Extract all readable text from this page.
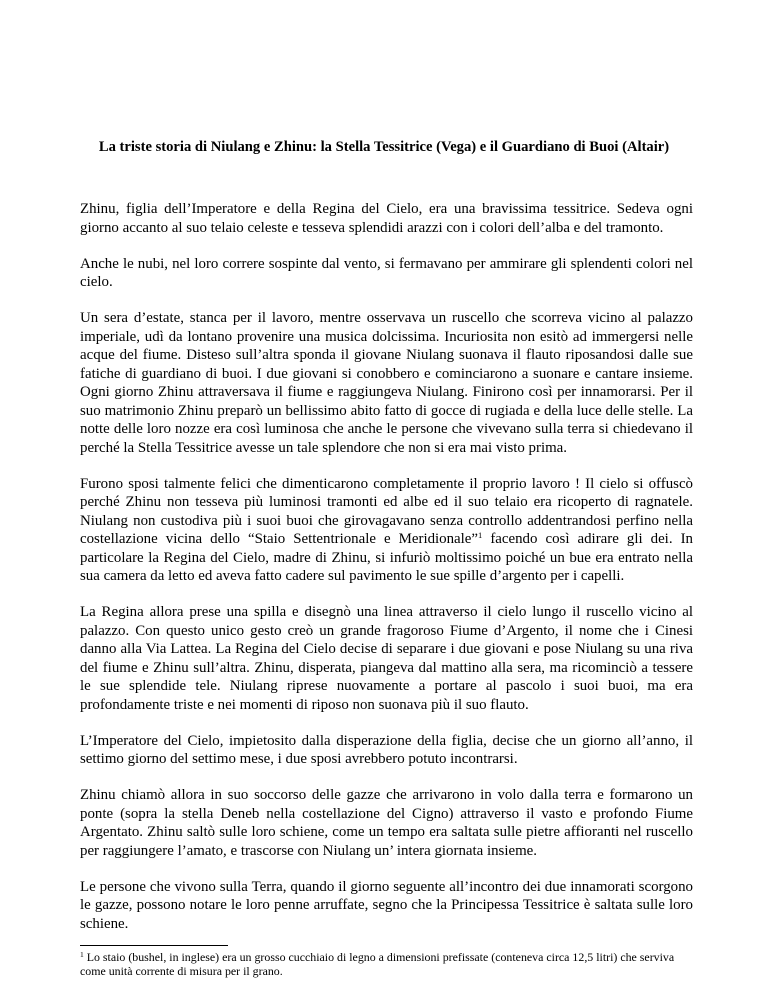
La triste storia di Niulang e Zhinu: la Stella Tessitrice (Vega) e il Guardiano di Buoi (Altair)

Zhinu, figlia dell’Imperatore e della Regina del Cielo, era una bravissima tessitrice. Sedeva ogni giorno accanto al suo telaio celeste e tesseva splendidi arazzi con i colori dell’alba e del tramonto.

Anche le nubi, nel loro correre sospinte dal vento, si fermavano per ammirare gli splendenti colori nel cielo.

Un sera d’estate, stanca per il lavoro, mentre osservava un ruscello che scorreva vicino al palazzo imperiale, udì da lontano provenire una musica dolcissima. Incuriosita non esitò ad immergersi nelle acque del fiume. Disteso sull’altra sponda il giovane Niulang suonava il flauto riposandosi dalle sue fatiche di guardiano di buoi. I due giovani si conobbero e cominciarono a suonare e cantare insieme. Ogni giorno Zhinu attraversava il fiume e raggiungeva Niulang. Finirono così per innamorarsi. Per il suo matrimonio Zhinu preparò un bellissimo abito fatto di gocce di rugiada e della luce delle stelle. La notte delle loro nozze era così luminosa che anche le persone che vivevano sulla terra si chiedevano il perché la Stella Tessitrice avesse un tale splendore che non si era mai visto prima.

Furono sposi talmente felici che dimenticarono completamente il proprio lavoro ! Il cielo si offuscò perché Zhinu non tesseva più luminosi tramonti ed albe ed il suo telaio era ricoperto di ragnatele. Niulang non custodiva più i suoi buoi che girovagavano senza controllo addentrandosi perfino nella costellazione vicina dello “Staio Settentrionale e Meridionale”$^1$ facendo così adirare gli dei. In particolare la Regina del Cielo, madre di Zhinu, si infuriò moltissimo poiché un bue era entrato nella sua camera da letto ed aveva fatto cadere sul pavimento le sue spille d’argento per i capelli.

La Regina allora prese una spilla e disegnò una linea attraverso il cielo lungo il ruscello vicino al palazzo. Con questo unico gesto creò un grande fragoroso Fiume d’Argento, il nome che i Cinesi danno alla Via Lattea. La Regina del Cielo decise di separare i due giovani e pose Niulang su una riva del fiume e Zhinu sull’altra. Zhinu, disperata, piangeva dal mattino alla sera, ma ricominciò a tessere le sue splendide tele. Niulang riprese nuovamente a portare al pascolo i suoi buoi, ma era profondamente triste e nei momenti di riposo non suonava più il suo flauto.

L’Imperatore del Cielo, impietosito dalla disperazione della figlia, decise che un giorno all’anno, il settimo giorno del settimo mese, i due sposi avrebbero potuto incontrarsi.

Zhinu chiamò allora in suo soccorso delle gazze che arrivarono in volo dalla terra e formarono un ponte (sopra la stella Deneb nella costellazione del Cigno) attraverso il vasto e profondo Fiume Argentato. Zhinu saltò sulle loro schiene, come un tempo era saltata sulle pietre affioranti nel ruscello per raggiungere l’amato, e trascorse con Niulang un’ intera giornata insieme.

Le persone che vivono sulla Terra, quando il giorno seguente all’incontro dei due innamorati scorgono le gazze, possono notare le loro penne arruffate, segno che la Principessa Tessitrice è saltata sulle loro schiene.

$^1$ Lo staio (bushel, in inglese) era un grosso cucchiaio di legno a dimensioni prefissate (conteneva circa 12,5 litri) che serviva come unità corrente di misura per il grano.
